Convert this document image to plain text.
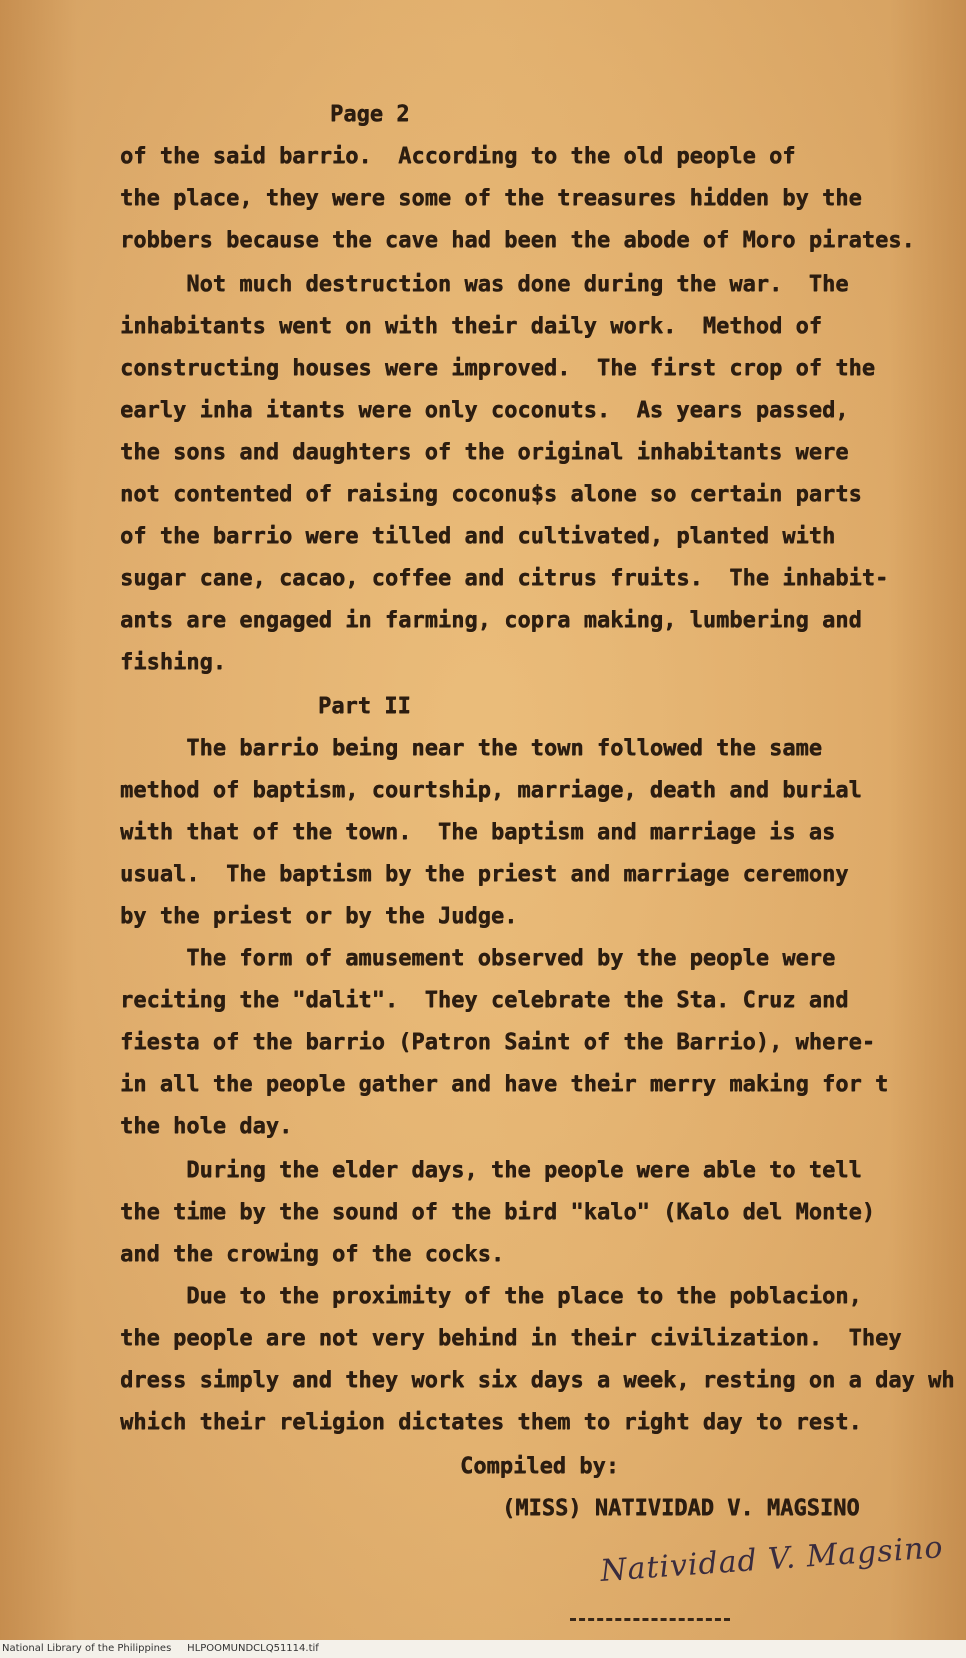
Page 2
of the said barrio.  According to the old people of
the place, they were some of the treasures hidden by the
robbers because the cave had been the abode of Moro pirates.
Not much destruction was done during the war.  The
inhabitants went on with their daily work.  Method of
constructing houses were improved.  The first crop of the
early inha itants were only coconuts.  As years passed,
the sons and daughters of the original inhabitants were
not contented of raising coconu$s alone so certain parts
of the barrio were tilled and cultivated, planted with
sugar cane, cacao, coffee and citrus fruits.  The inhabit-
ants are engaged in farming, copra making, lumbering and
fishing.
Part II
The barrio being near the town followed the same
method of baptism, courtship, marriage, death and burial
with that of the town.  The baptism and marriage is as
usual.  The baptism by the priest and marriage ceremony
by the priest or by the Judge.
The form of amusement observed by the people were
reciting the "dalit".  They celebrate the Sta. Cruz and
fiesta of the barrio (Patron Saint of the Barrio), where-
in all the people gather and have their merry making for t
the hole day.
During the elder days, the people were able to tell
the time by the sound of the bird "kalo" (Kalo del Monte)
and the crowing of the cocks.
Due to the proximity of the place to the poblacion,
the people are not very behind in their civilization.  They
dress simply and they work six days a week, resting on a day wh
which their religion dictates them to right day to rest.
Compiled by:
(MISS) NATIVIDAD V. MAGSINO
Natividad V. Magsino
National Library of the Philippines     HLPOOMUNDCLQ51114.tif
